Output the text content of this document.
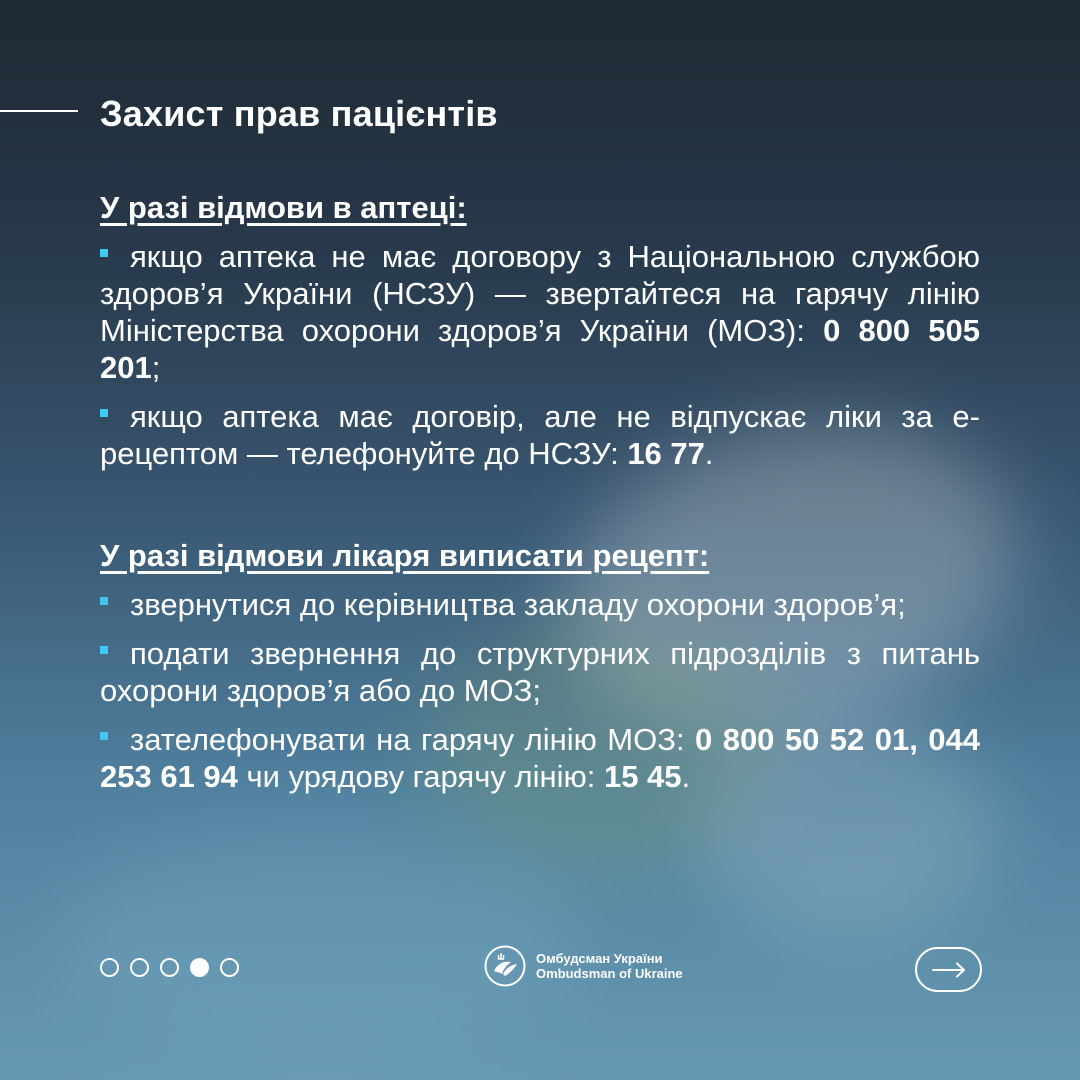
Захист прав пацієнтів
У разі відмови в аптеці:

якщо аптека не має договору з Національною службою здоров’я України (НСЗУ) — звертайтеся на гарячу лінію Міністерства охорони здоров’я України (МОЗ): 0 800 505 201;

якщо аптека має договір, але не відпускає ліки за е-рецептом — телефонуйте до НСЗУ: 16 77.

У разі відмови лікаря виписати рецепт:

звернутися до керівництва закладу охорони здоров’я;

подати звернення до структурних підрозділів з питань охорони здоров’я або до МОЗ;

зателефонувати на гарячу лінію МОЗ: 0 800 50 52 01, 044 253 61 94 чи урядову гарячу лінію: 15 45.

Омбудсман України
Ombudsman of Ukraine
